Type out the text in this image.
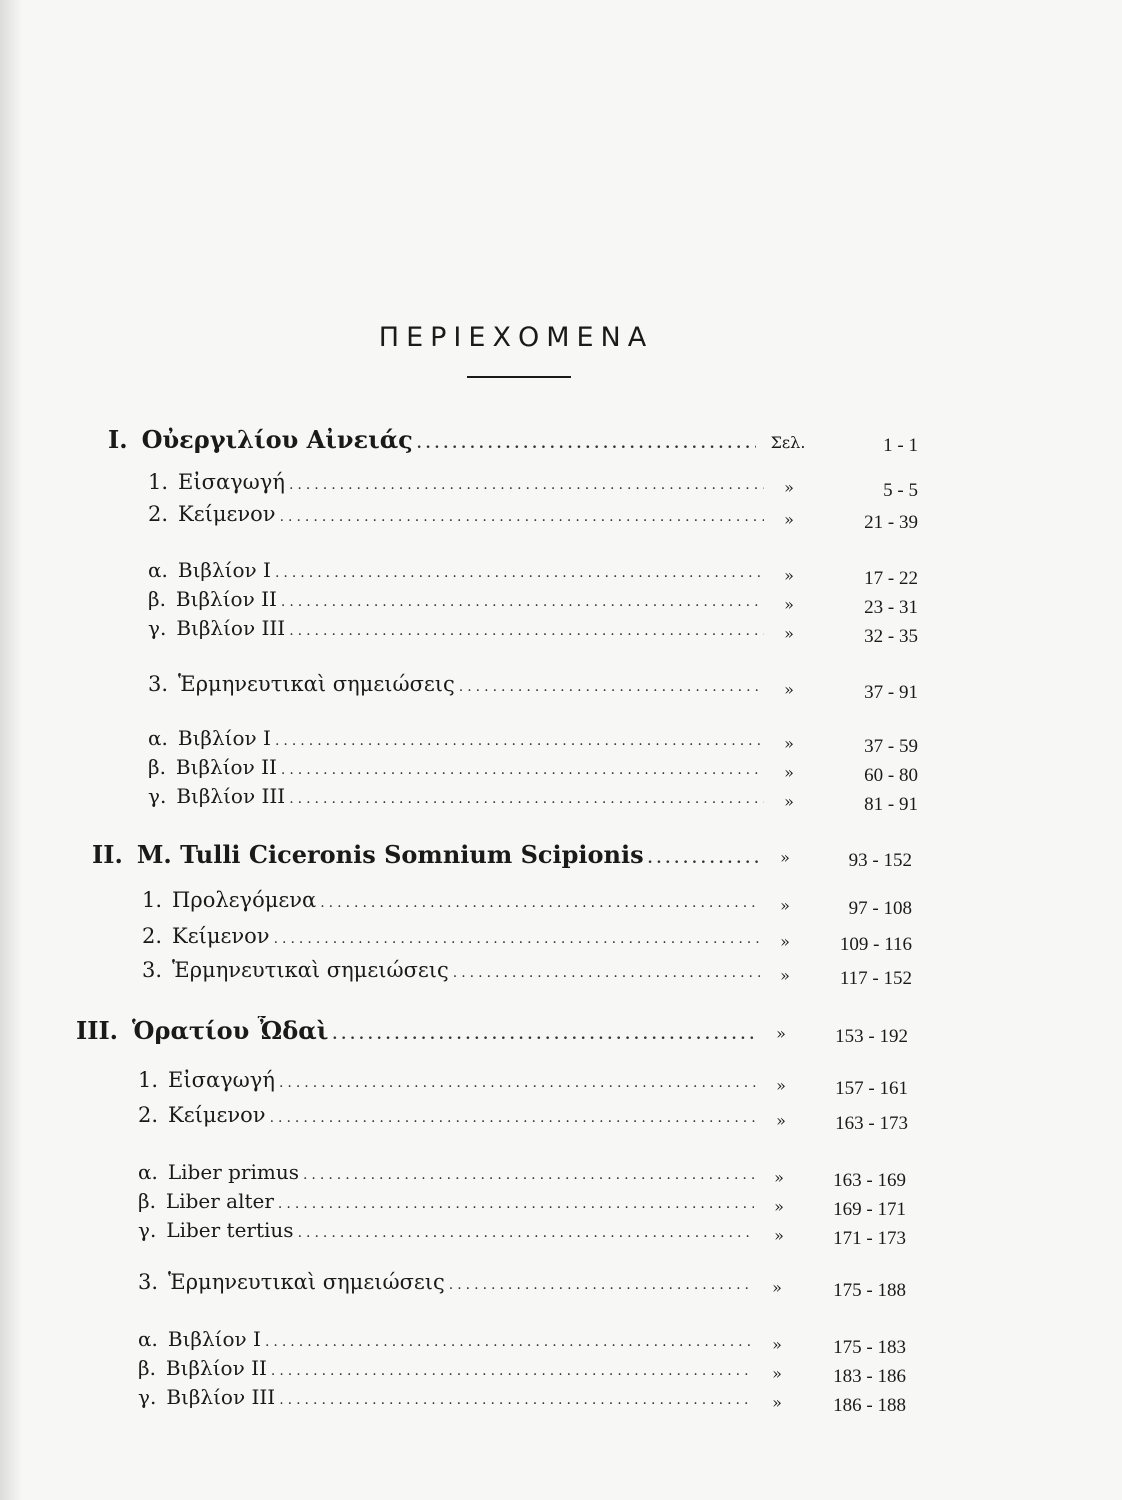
ΠΕΡΙΕΧΟΜΕΝΑ
I. Οὐεργιλίου Αἰνειάς .....	Σελ.	1 - 1
1. Εἰσαγωγή .....	»	5 - 5
2. Κείμενον .....	»	21 - 39
α. Βιβλίον I .....	»	17 - 22
β. Βιβλίον II .....	»	23 - 31
γ. Βιβλίον III .....	»	32 - 35
3. Ἑρμηνευτικαὶ σημειώσεις .....	»	37 - 91
α. Βιβλίον I .....	»	37 - 59
β. Βιβλίον II .....	»	60 - 80
γ. Βιβλίον III .....	»	81 - 91
II. M. Tulli Ciceronis Somnium Scipionis .....	»	93 - 152
1. Προλεγόμενα .....	»	97 - 108
2. Κείμενον .....	»	109 - 116
3. Ἑρμηνευτικαὶ σημειώσεις .....	»	117 - 152
III. Ὁρατίου Ὦδαὶ .....	»	153 - 192
1. Εἰσαγωγή .....	»	157 - 161
2. Κείμενον .....	»	163 - 173
α. Liber primus .....	»	163 - 169
β. Liber alter .....	»	169 - 171
γ. Liber tertius .....	»	171 - 173
3. Ἑρμηνευτικαὶ σημειώσεις .....	»	175 - 188
α. Βιβλίον I .....	»	175 - 183
β. Βιβλίον II .....	»	183 - 186
γ. Βιβλίον III .....	»	186 - 188
